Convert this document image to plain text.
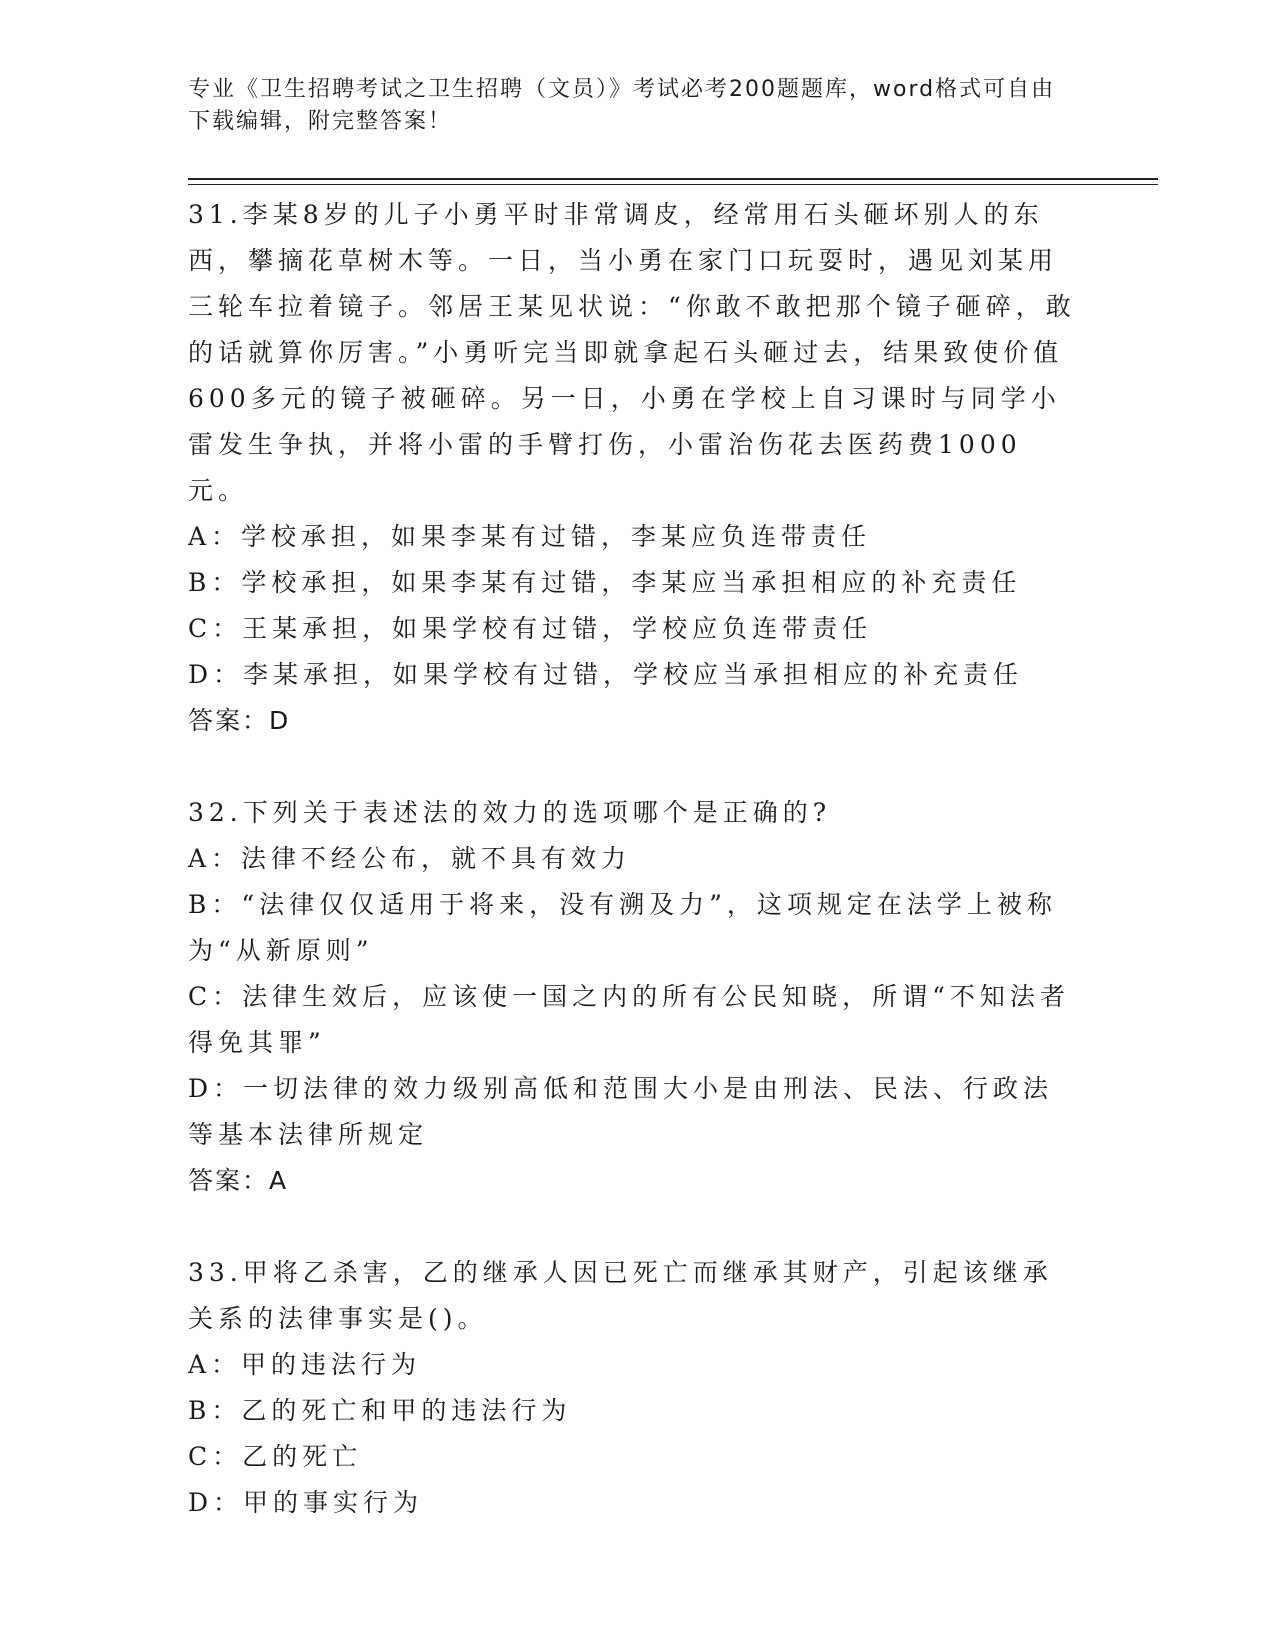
专业《卫生招聘考试之卫生招聘（文员）》考试必考200题题库，word格式可自由下载编辑，附完整答案！

31.李某8岁的儿子小勇平时非常调皮，经常用石头砸坏别人的东西，攀摘花草树木等。一日，当小勇在家门口玩耍时，遇见刘某用三轮车拉着镜子。邻居王某见状说：“你敢不敢把那个镜子砸碎，敢的话就算你厉害。”小勇听完当即就拿起石头砸过去，结果致使价值600多元的镜子被砸碎。另一日，小勇在学校上自习课时与同学小雷发生争执，并将小雷的手臂打伤，小雷治伤花去医药费1000元。

A：学校承担，如果李某有过错，李某应负连带责任

B：学校承担，如果李某有过错，李某应当承担相应的补充责任

C：王某承担，如果学校有过错，学校应负连带责任

D：李某承担，如果学校有过错，学校应当承担相应的补充责任

答案：D

32.下列关于表述法的效力的选项哪个是正确的?

A：法律不经公布，就不具有效力

B：“法律仅仅适用于将来，没有溯及力”，这项规定在法学上被称为“从新原则”

C：法律生效后，应该使一国之内的所有公民知晓，所谓“不知法者得免其罪”

D：一切法律的效力级别高低和范围大小是由刑法、民法、行政法等基本法律所规定

答案：A

33.甲将乙杀害，乙的继承人因已死亡而继承其财产，引起该继承关系的法律事实是()。

A：甲的违法行为

B：乙的死亡和甲的违法行为

C：乙的死亡

D：甲的事实行为
